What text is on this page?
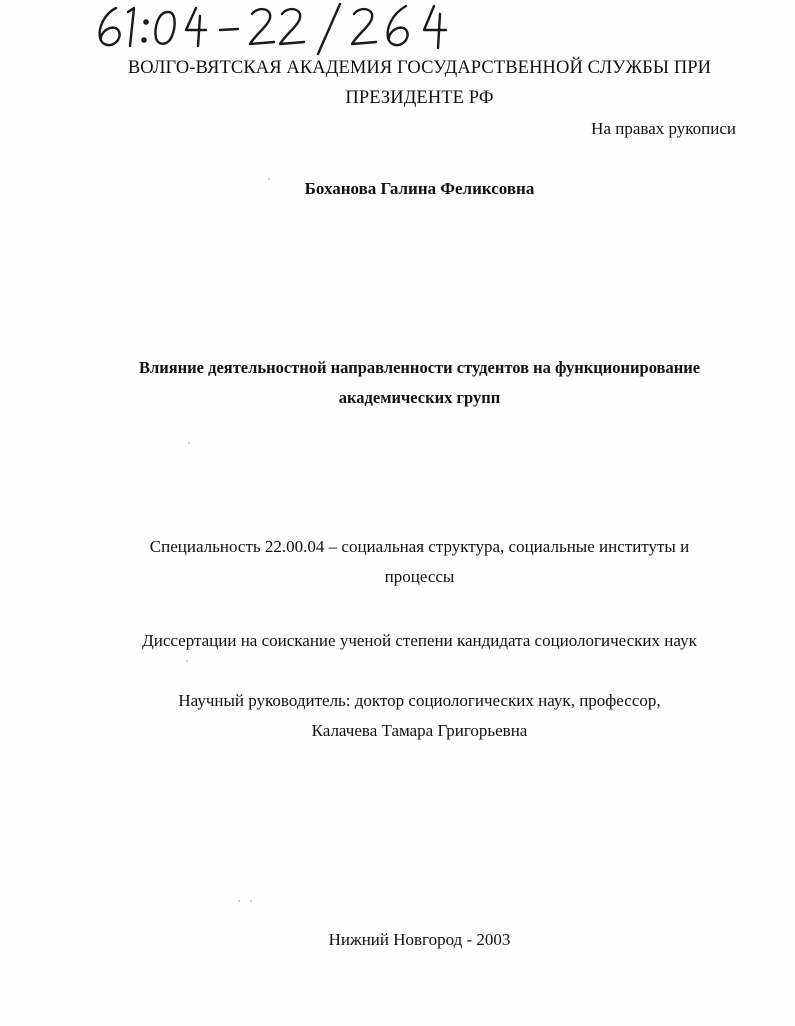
ВОЛГО-ВЯТСКАЯ АКАДЕМИЯ ГОСУДАРСТВЕННОЙ СЛУЖБЫ ПРИ
ПРЕЗИДЕНТЕ РФ
На правах рукописи
Боханова Галина Феликсовна
Влияние деятельностной направленности студентов на функционирование
академических групп
Специальность 22.00.04 – социальная структура, социальные институты и
процессы
Диссертации на соискание ученой степени кандидата социологических наук
Научный руководитель: доктор социологических наук, профессор,
Калачева Тамара Григорьевна
Нижний Новгород - 2003
